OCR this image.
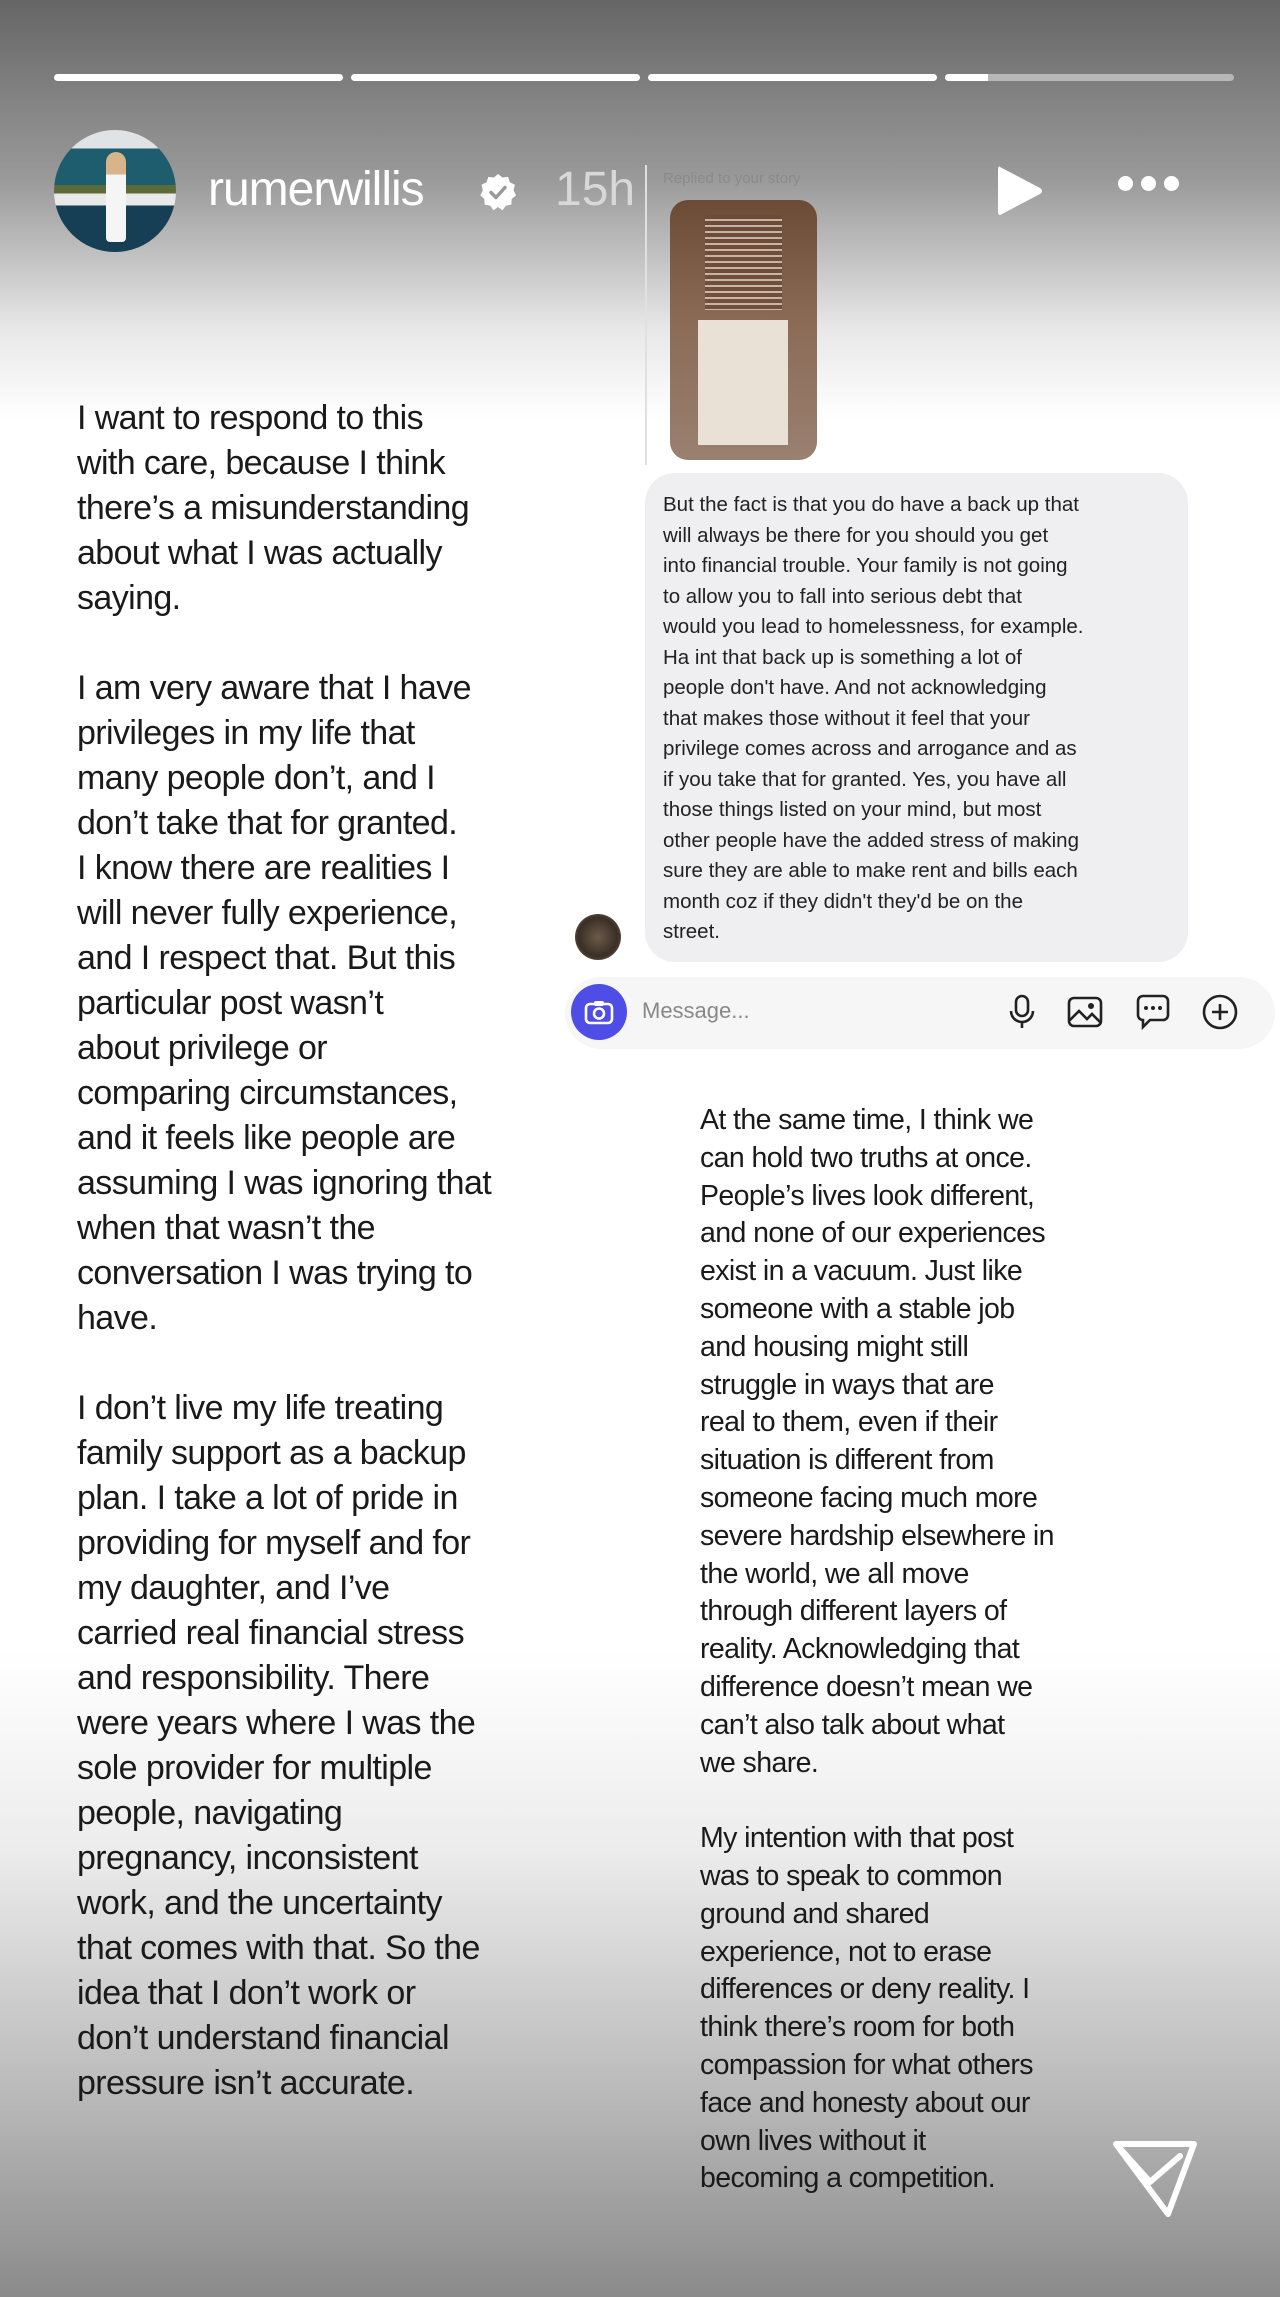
rumerwillis	15h Replied to your story
But the fact is that you do have a back up that
will always be there for you should you get
into financial trouble. Your family is not going
to allow you to fall into serious debt that
would you lead to homelessness, for example.
Ha int that back up is something a lot of
people don't have. And not acknowledging
that makes those without it feel that your
privilege comes across and arrogance and as
if you take that for granted. Yes, you have all
those things listed on your mind, but most
other people have the added stress of making
sure they are able to make rent and bills each
month coz if they didn't they'd be on the
street.
Message...
I want to respond to this
with care, because I think
there’s a misunderstanding
about what I was actually
saying.

I am very aware that I have
privileges in my life that
many people don’t, and I
don’t take that for granted.
I know there are realities I
will never fully experience,
and I respect that. But this
particular post wasn’t
about privilege or
comparing circumstances,
and it feels like people are
assuming I was ignoring that
when that wasn’t the
conversation I was trying to
have.

I don’t live my life treating
family support as a backup
plan. I take a lot of pride in
providing for myself and for
my daughter, and I’ve
carried real financial stress
and responsibility. There
were years where I was the
sole provider for multiple
people, navigating
pregnancy, inconsistent
work, and the uncertainty
that comes with that. So the
idea that I don’t work or
don’t understand financial
pressure isn’t accurate.
At the same time, I think we
can hold two truths at once.
People’s lives look different,
and none of our experiences
exist in a vacuum. Just like
someone with a stable job
and housing might still
struggle in ways that are
real to them, even if their
situation is different from
someone facing much more
severe hardship elsewhere in
the world, we all move
through different layers of
reality. Acknowledging that
difference doesn’t mean we
can’t also talk about what
we share.

My intention with that post
was to speak to common
ground and shared
experience, not to erase
differences or deny reality. I
think there’s room for both
compassion for what others
face and honesty about our
own lives without it
becoming a competition.
